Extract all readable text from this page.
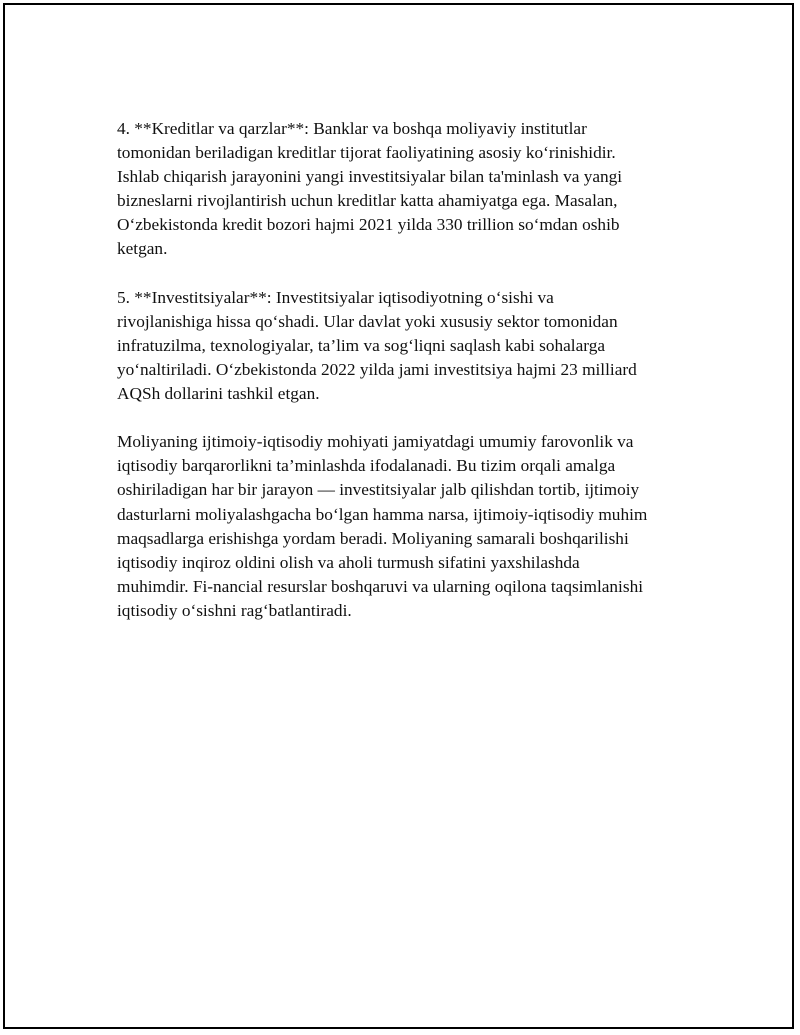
4. **Kreditlar va qarzlar**: Banklar va boshqa moliyaviy institutlar
tomonidan beriladigan kreditlar tijorat faoliyatining asosiy ko‘rinishidir.
Ishlab chiqarish jarayonini yangi investitsiyalar bilan ta'minlash va yangi
bizneslarni rivojlantirish uchun kreditlar katta ahamiyatga ega. Masalan,
O‘zbekistonda kredit bozori hajmi 2021 yilda 330 trillion so‘mdan oshib
ketgan.

5. **Investitsiyalar**: Investitsiyalar iqtisodiyotning o‘sishi va
rivojlanishiga hissa qo‘shadi. Ular davlat yoki xususiy sektor tomonidan
infratuzilma, texnologiyalar, ta’lim va sog‘liqni saqlash kabi sohalarga
yo‘naltiriladi. O‘zbekistonda 2022 yilda jami investitsiya hajmi 23 milliard
AQSh dollarini tashkil etgan.

Moliyaning ijtimoiy-iqtisodiy mohiyati jamiyatdagi umumiy farovonlik va
iqtisodiy barqarorlikni ta’minlashda ifodalanadi. Bu tizim orqali amalga
oshiriladigan har bir jarayon — investitsiyalar jalb qilishdan tortib, ijtimoiy
dasturlarni moliyalashgacha bo‘lgan hamma narsa, ijtimoiy-iqtisodiy muhim
maqsadlarga erishishga yordam beradi. Moliyaning samarali boshqarilishi
iqtisodiy inqiroz oldini olish va aholi turmush sifatini yaxshilashda
muhimdir. Fi-nancial resurslar boshqaruvi va ularning oqilona taqsimlanishi
iqtisodiy o‘sishni rag‘batlantiradi.
